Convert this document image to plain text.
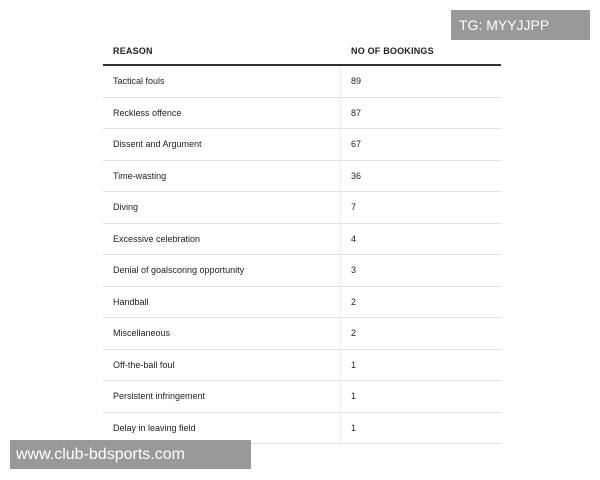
REASON	NO OF BOOKINGS
Tactical fouls	89
Reckless offence	87
Dissent and Argument	67
Time-wasting	36
Diving	7
Excessive celebration	4
Denial of goalscoring opportunity	3
Handball	2
Miscellaneous	2
Off-the-ball foul	1
Persistent infringement	1
Delay in leaving field	1
TG: MYYJJPP
www.club-bdsports.com
